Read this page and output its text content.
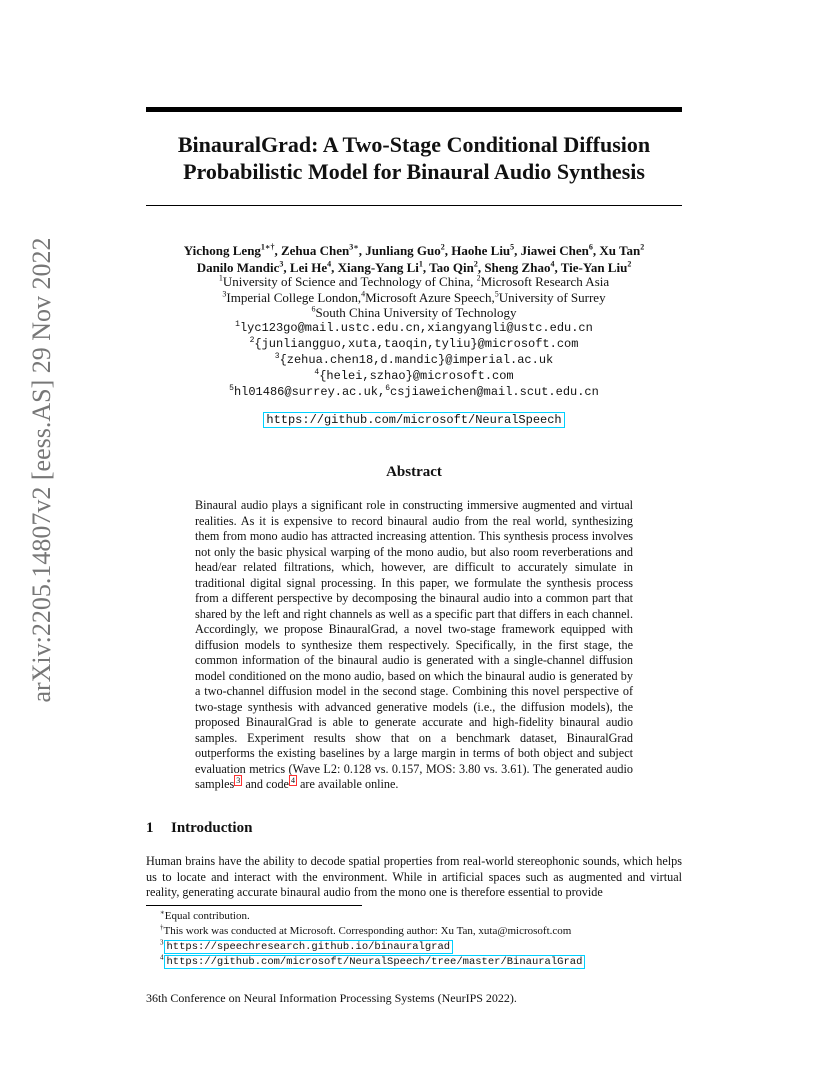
arXiv:2205.14807v2 [eess.AS] 29 Nov 2022
BinauralGrad: A Two-Stage Conditional Diffusion
Probabilistic Model for Binaural Audio Synthesis
Yichong Leng$^{1∗\dagger}$, Zehua Chen$^{3∗}$, Junliang Guo$^2$, Haohe Liu$^5$, Jiawei Chen$^6$, Xu Tan$^2$
Danilo Mandic$^3$, Lei He$^4$, Xiang-Yang Li$^1$, Tao Qin$^2$, Sheng Zhao$^4$, Tie-Yan Liu$^2$
$^1$University of Science and Technology of China, $^2$Microsoft Research Asia
$^3$Imperial College London,$^4$Microsoft Azure Speech,$^5$University of Surrey
$^6$South China University of Technology
$^1$lyc123go@mail.ustc.edu.cn,xiangyangli@ustc.edu.cn
$^2${junliangguo,xuta,taoqin,tyliu}@microsoft.com
$^3${zehua.chen18,d.mandic}@imperial.ac.uk
$^4${helei,szhao}@microsoft.com
$^5$hl01486@surrey.ac.uk,$^6$csjiaweichen@mail.scut.edu.cn
https://github.com/microsoft/NeuralSpeech
Abstract
Binaural audio plays a significant role in constructing immersive augmented and virtual realities. As it is expensive to record binaural audio from the real world, synthesizing them from mono audio has attracted increasing attention. This synthesis process involves not only the basic physical warping of the mono audio, but also room reverberations and head/ear related filtrations, which, however, are difficult to accurately simulate in traditional digital signal processing. In this paper, we formulate the synthesis process from a different perspective by decomposing the binaural audio into a common part that shared by the left and right channels as well as a specific part that differs in each channel. Accordingly, we propose BinauralGrad, a novel two-stage framework equipped with diffusion models to synthesize them respectively. Specifically, in the first stage, the common information of the binaural audio is generated with a single-channel diffusion model conditioned on the mono audio, based on which the binaural audio is generated by a two-channel diffusion model in the second stage. Combining this novel perspective of two-stage synthesis with advanced generative models (i.e., the diffusion models), the proposed BinauralGrad is able to generate accurate and high-fidelity binaural audio samples. Experiment results show that on a benchmark dataset, BinauralGrad outperforms the existing baselines by a large margin in terms of both object and subject evaluation metrics (Wave L2: 0.128 vs. 0.157, MOS: 3.80 vs. 3.61). The generated audio samples $^3$ and code $^4$ are available online.
1 Introduction
Human brains have the ability to decode spatial properties from real-world stereophonic sounds, which helps us to locate and interact with the environment. While in artificial spaces such as augmented and virtual reality, generating accurate binaural audio from the mono one is therefore essential to provide
∗Equal contribution.
†This work was conducted at Microsoft. Corresponding author: Xu Tan, xuta@microsoft.com
$^3$ https://speechresearch.github.io/binauralgrad
$^4$ https://github.com/microsoft/NeuralSpeech/tree/master/BinauralGrad
36th Conference on Neural Information Processing Systems (NeurIPS 2022).
